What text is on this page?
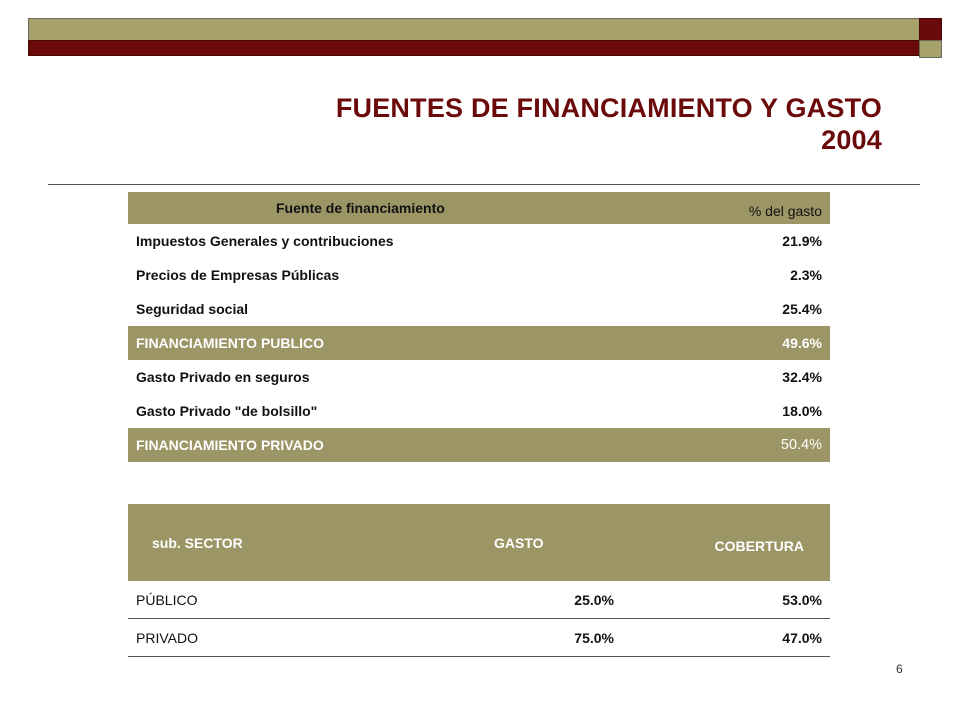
FUENTES DE FINANCIAMIENTO Y GASTO
2004
Fuente de financiamiento	% del gasto
Impuestos Generales y contribuciones	21.9%
Precios de Empresas Públicas	2.3%
Seguridad social	25.4%
FINANCIAMIENTO PUBLICO	49.6%
Gasto Privado en seguros	32.4%
Gasto Privado "de bolsillo"	18.0%
FINANCIAMIENTO PRIVADO	50.4%
sub. SECTOR	GASTO	COBERTURA
PÚBLICO	25.0%	53.0%
PRIVADO	75.0%	47.0%
6
